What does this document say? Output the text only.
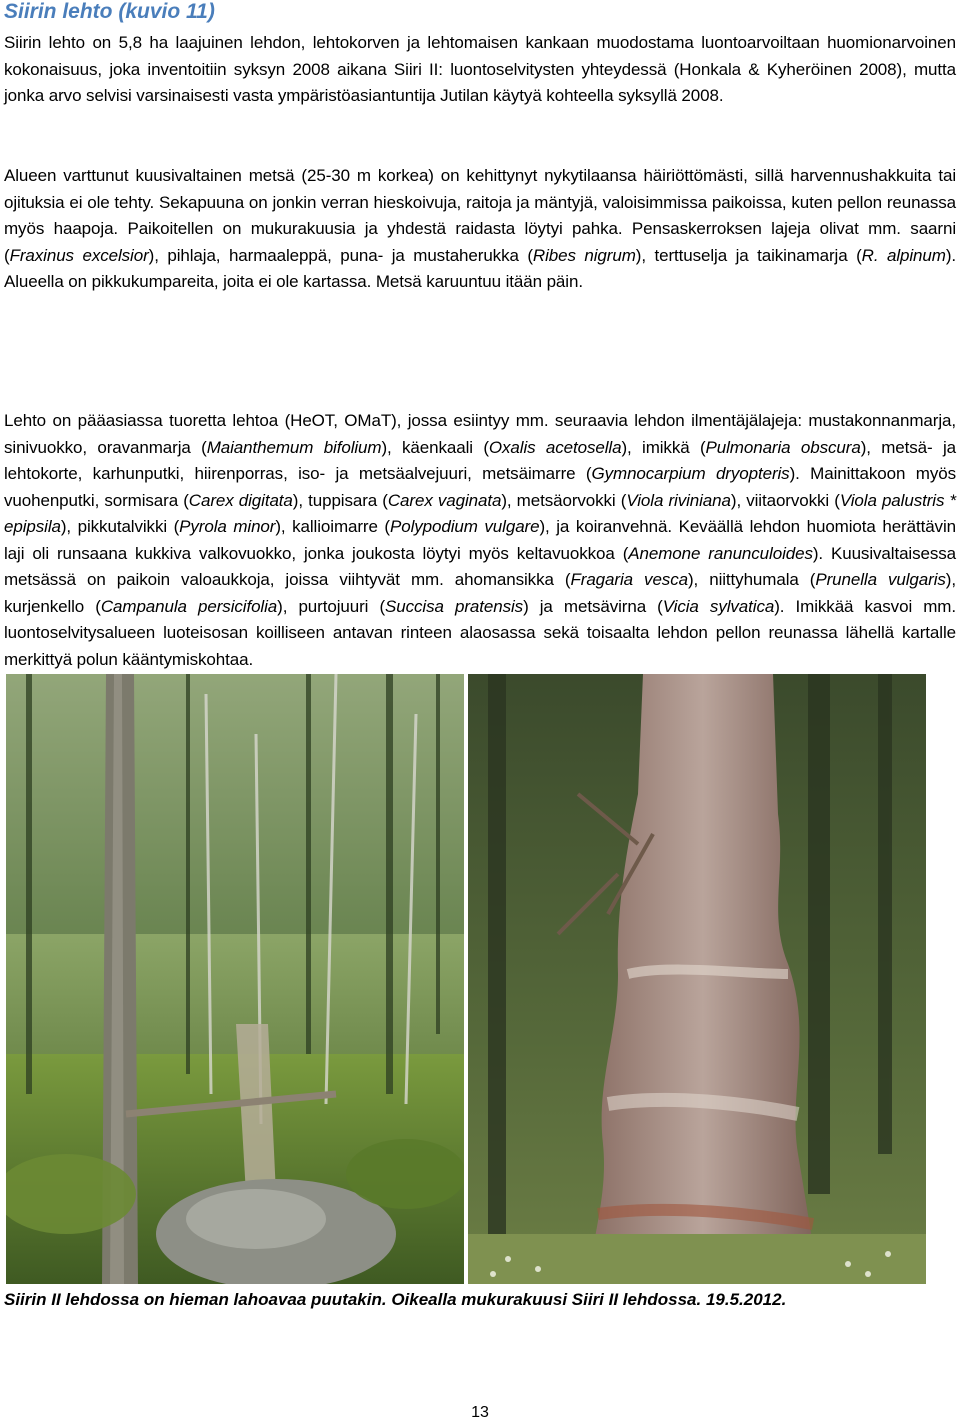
Siirin lehto (kuvio 11)

Siirin lehto on 5,8 ha laajuinen lehdon, lehtokorven ja lehtomaisen kankaan muodostama luontoarvoiltaan huomionarvoinen kokonaisuus, joka inventoitiin syksyn 2008 aikana Siiri II: luontoselvitysten yhteydessä (Honkala & Kyheröinen 2008), mutta jonka arvo selvisi varsinaisesti vasta ympäristöasiantuntija Jutilan käytyä kohteella syksyllä 2008.

Alueen varttunut kuusivaltainen metsä (25-30 m korkea) on kehittynyt nykytilaansa häiriöttömästi, sillä harvennushakkuita tai ojituksia ei ole tehty. Sekapuuna on jonkin verran hieskoivuja, raitoja ja mäntyjä, valoisimmissa paikoissa, kuten pellon reunassa myös haapoja. Paikoitellen on mukurakuusia ja yhdestä raidasta löytyi pahka. Pensaskerroksen lajeja olivat mm. saarni (Fraxinus excelsior), pihlaja, harmaaleppä, puna- ja mustaherukka (Ribes nigrum), terttuselja ja taikinamarja (R. alpinum). Alueella on pikkukumpareita, joita ei ole kartassa. Metsä karuuntuu itään päin.

Lehto on pääasiassa tuoretta lehtoa (HeOT, OMaT), jossa esiintyy mm. seuraavia lehdon ilmentäjälajeja: mustakonnanmarja, sinivuokko, oravanmarja (Maianthemum bifolium), käenkaali (Oxalis acetosella), imikkä (Pulmonaria obscura), metsä- ja lehtokorte, karhunputki, hiirenporras, iso- ja metsäalvejuuri, metsäimarre (Gymnocarpium dryopteris). Mainittakoon myös vuohenputki, sormisara (Carex digitata), tuppisara (Carex vaginata), metsäorvokki (Viola riviniana), viitaorvokki (Viola palustris * epipsila), pikkutalvikki (Pyrola minor), kallioimarre (Polypodium vulgare), ja koiranvehnä. Keväällä lehdon huomiota herättävin laji oli runsaana kukkiva valkovuokko, jonka joukosta löytyi myös keltavuokkoa (Anemone ranunculoides). Kuusivaltaisessa metsässä on paikoin valoaukkoja, joissa viihtyvät mm. ahomansikka (Fragaria vesca), niittyhumala (Prunella vulgaris), kurjenkello (Campanula persicifolia), purtojuuri (Succisa pratensis) ja metsävirna (Vicia sylvatica). Imikkää kasvoi mm. luontoselvitysalueen luoteisosan koilliseen antavan rinteen alaosassa sekä toisaalta lehdon pellon reunassa lähellä kartalle merkittyä polun kääntymiskohtaa.

Siirin II lehdossa on hieman lahoavaa puutakin. Oikealla mukurakuusi Siiri II lehdossa. 19.5.2012.

13
